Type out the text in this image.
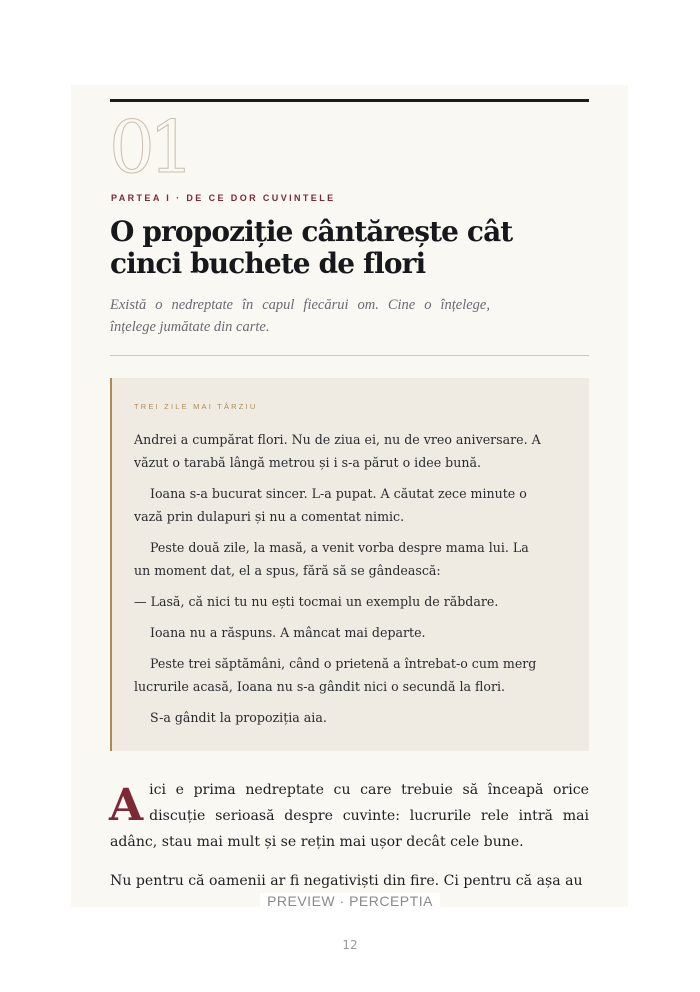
01
PARTEA I · DE CE DOR CUVINTELE
O propoziție cântărește cât cinci buchete de flori

Există o nedreptate în capul fiecărui om. Cine o înțelege, înțelege jumătate din carte.

TREI ZILE MAI TÂRZIU

Andrei a cumpărat flori. Nu de ziua ei, nu de vreo aniversare. A văzut o tarabă lângă metrou și i s-a părut o idee bună.

Ioana s-a bucurat sincer. L-a pupat. A căutat zece minute o vază prin dulapuri și nu a comentat nimic.

Peste două zile, la masă, a venit vorba despre mama lui. La un moment dat, el a spus, fără să se gândească:

— Lasă, că nici tu nu ești tocmai un exemplu de răbdare.

Ioana nu a răspuns. A mâncat mai departe.

Peste trei săptămâni, când o prietenă a întrebat-o cum merg lucrurile acasă, Ioana nu s-a gândit nici o secundă la flori.

S-a gândit la propoziția aia.

Aici e prima nedreptate cu care trebuie să înceapă orice discuție serioasă despre cuvinte: lucrurile rele intră mai adânc, stau mai mult și se rețin mai ușor decât cele bune.

Nu pentru că oamenii ar fi negativiști din fire. Ci pentru că așa au

PREVIEW · PERCEPTIA
12
